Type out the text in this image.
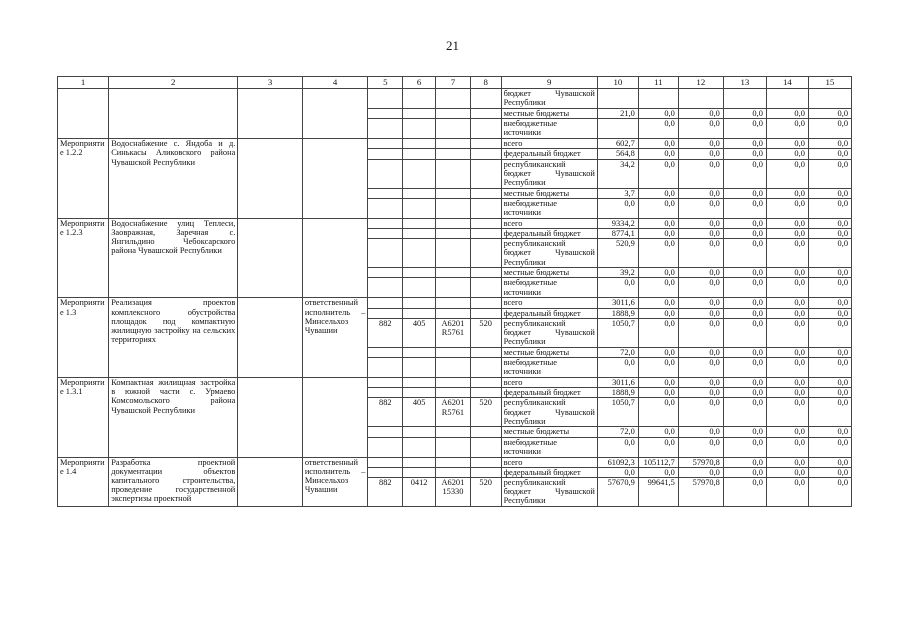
21
1	2	3	4	5	6	7	8	9	10	11	12	13	14	15
								бюджет Чувашской Республики						
								местные бюджеты	21,0	0,0	0,0	0,0	0,0	0,0
								внебюджетные источники		0,0	0,0	0,0	0,0	0,0
Мероприятие 1.2.2	Водоснабжение с. Яндоба и д. Синькасы Аликовского района Чувашской Республики							всего	602,7	0,0	0,0	0,0	0,0	0,0
								федеральный бюджет	564,8	0,0	0,0	0,0	0,0	0,0
								республиканский бюджет Чувашской Республики	34,2	0,0	0,0	0,0	0,0	0,0
								местные бюджеты	3,7	0,0	0,0	0,0	0,0	0,0
								внебюджетные источники	0,0	0,0	0,0	0,0	0,0	0,0
Мероприятие 1.2.3	Водоснабжение улиц Теплеси, Заовражная, Заречная с. Янгильдино Чебоксарского района Чувашской Республики							всего	9334,2	0,0	0,0	0,0	0,0	0,0
								федеральный бюджет	8774,1	0,0	0,0	0,0	0,0	0,0
								республиканский бюджет Чувашской Республики	520,9	0,0	0,0	0,0	0,0	0,0
								местные бюджеты	39,2	0,0	0,0	0,0	0,0	0,0
								внебюджетные источники	0,0	0,0	0,0	0,0	0,0	0,0
Мероприятие 1.3	Реализация проектов комплексного обустройства площадок под компактную жилищную застройку на сельских территориях		ответственный исполнитель – Минсельхоз Чувашии					всего	3011,6	0,0	0,0	0,0	0,0	0,0
								федеральный бюджет	1888,9	0,0	0,0	0,0	0,0	0,0
				882	405	А6201 R5761	520	республиканский бюджет Чувашской Республики	1050,7	0,0	0,0	0,0	0,0	0,0
								местные бюджеты	72,0	0,0	0,0	0,0	0,0	0,0
								внебюджетные источники	0,0	0,0	0,0	0,0	0,0	0,0
Мероприятие 1.3.1	Компактная жилищная застройка в южной части с. Урмаево Комсомольского района Чувашской Республики							всего	3011,6	0,0	0,0	0,0	0,0	0,0
								федеральный бюджет	1888,9	0,0	0,0	0,0	0,0	0,0
				882	405	А6201 R5761	520	республиканский бюджет Чувашской Республики	1050,7	0,0	0,0	0,0	0,0	0,0
								местные бюджеты	72,0	0,0	0,0	0,0	0,0	0,0
								внебюджетные источники	0,0	0,0	0,0	0,0	0,0	0,0
Мероприятие 1.4	Разработка проектной документации объектов капитального строительства, проведение государственной экспертизы проектной		ответственный исполнитель – Минсельхоз Чувашии					всего	61092,3	105112,7	57970,8	0,0	0,0	0,0
								федеральный бюджет	0,0	0,0	0,0	0,0	0,0	0,0
				882	0412	А6201 15330	520	республиканский бюджет Чувашской Республики	57670,9	99641,5	57970,8	0,0	0,0	0,0
